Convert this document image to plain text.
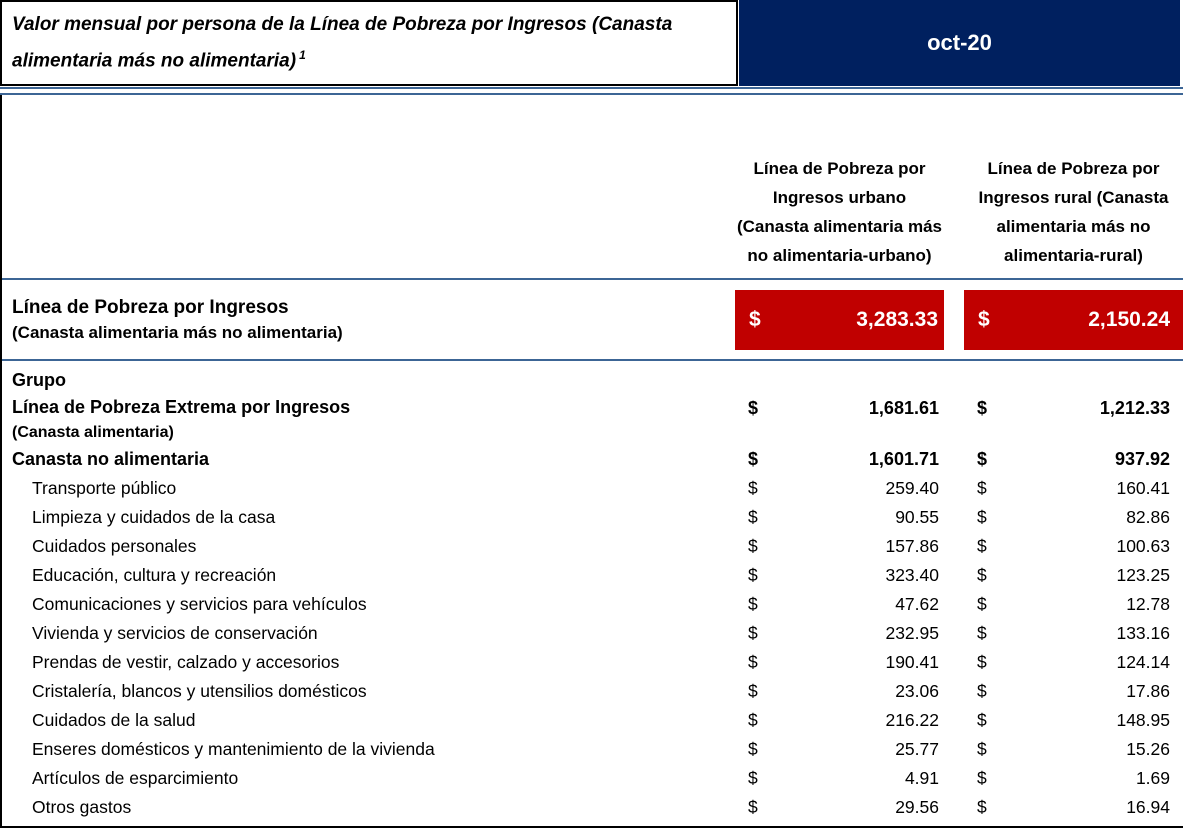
Valor mensual por persona de la Línea de Pobreza por Ingresos (Canasta alimentaria más no alimentaria) $^1$	oct-20
Línea de Pobreza por Ingresos urbano (Canasta alimentaria más no alimentaria-urbano)
Línea de Pobreza por Ingresos rural (Canasta alimentaria más no alimentaria-rural)
Línea de Pobreza por Ingresos
(Canasta alimentaria más no alimentaria)
$	3,283.33 $	2,150.24
Grupo
Línea de Pobreza Extrema por Ingresos
(Canasta alimentaria)
$	1,681.61 $	1,212.33
Canasta no alimentaria	$	1,601.71 $	937.92
Transporte público	$	259.40 $	160.41
Limpieza y cuidados de la casa	$	90.55 $	82.86
Cuidados personales	$	157.86 $	100.63
Educación, cultura y recreación	$	323.40 $	123.25
Comunicaciones y servicios para vehículos	$	47.62 $	12.78
Vivienda y servicios de conservación	$	232.95 $	133.16
Prendas de vestir, calzado y accesorios	$	190.41 $	124.14
Cristalería, blancos y utensilios domésticos	$	23.06 $	17.86
Cuidados de la salud	$	216.22 $	148.95
Enseres domésticos y mantenimiento de la vivienda	$	25.77 $	15.26
Artículos de esparcimiento	$	4.91 $	1.69
Otros gastos	$	29.56 $	16.94
